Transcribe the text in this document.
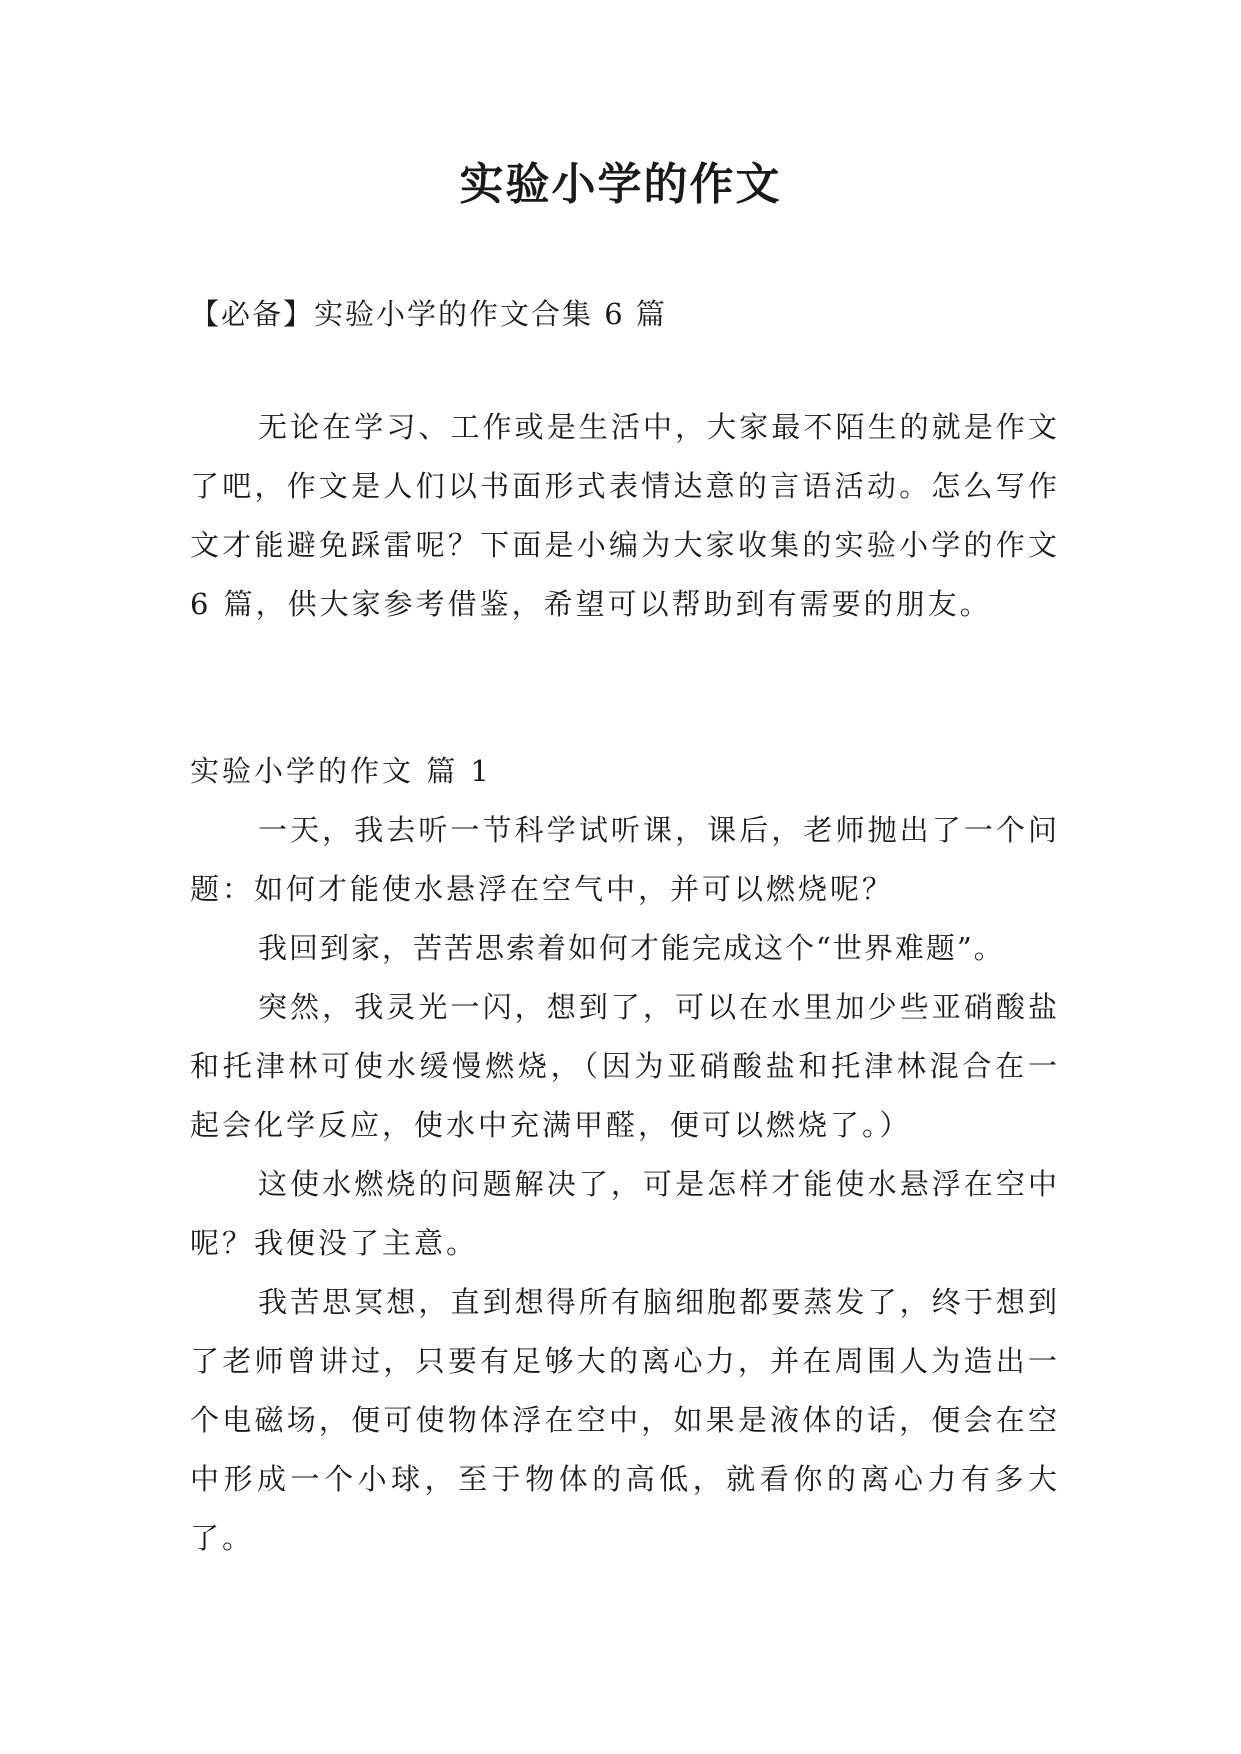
实验小学的作文
【必备】实验小学的作文合集 6 篇

无论在学习、工作或是生活中，大家最不陌生的就是作文了吧，作文是人们以书面形式表情达意的言语活动。怎么写作文才能避免踩雷呢？下面是小编为大家收集的实验小学的作文 6 篇，供大家参考借鉴，希望可以帮助到有需要的朋友。

实验小学的作文 篇 1

一天，我去听一节科学试听课，课后，老师抛出了一个问题：如何才能使水悬浮在空气中，并可以燃烧呢？

我回到家，苦苦思索着如何才能完成这个“世界难题”。

突然，我灵光一闪，想到了，可以在水里加少些亚硝酸盐和托津林可使水缓慢燃烧，（因为亚硝酸盐和托津林混合在一起会化学反应，使水中充满甲醛，便可以燃烧了。）

这使水燃烧的问题解决了，可是怎样才能使水悬浮在空中呢？我便没了主意。

我苦思冥想，直到想得所有脑细胞都要蒸发了，终于想到了老师曾讲过，只要有足够大的离心力，并在周围人为造出一个电磁场，便可使物体浮在空中，如果是液体的话，便会在空中形成一个小球，至于物体的高低，就看你的离心力有多大了。
